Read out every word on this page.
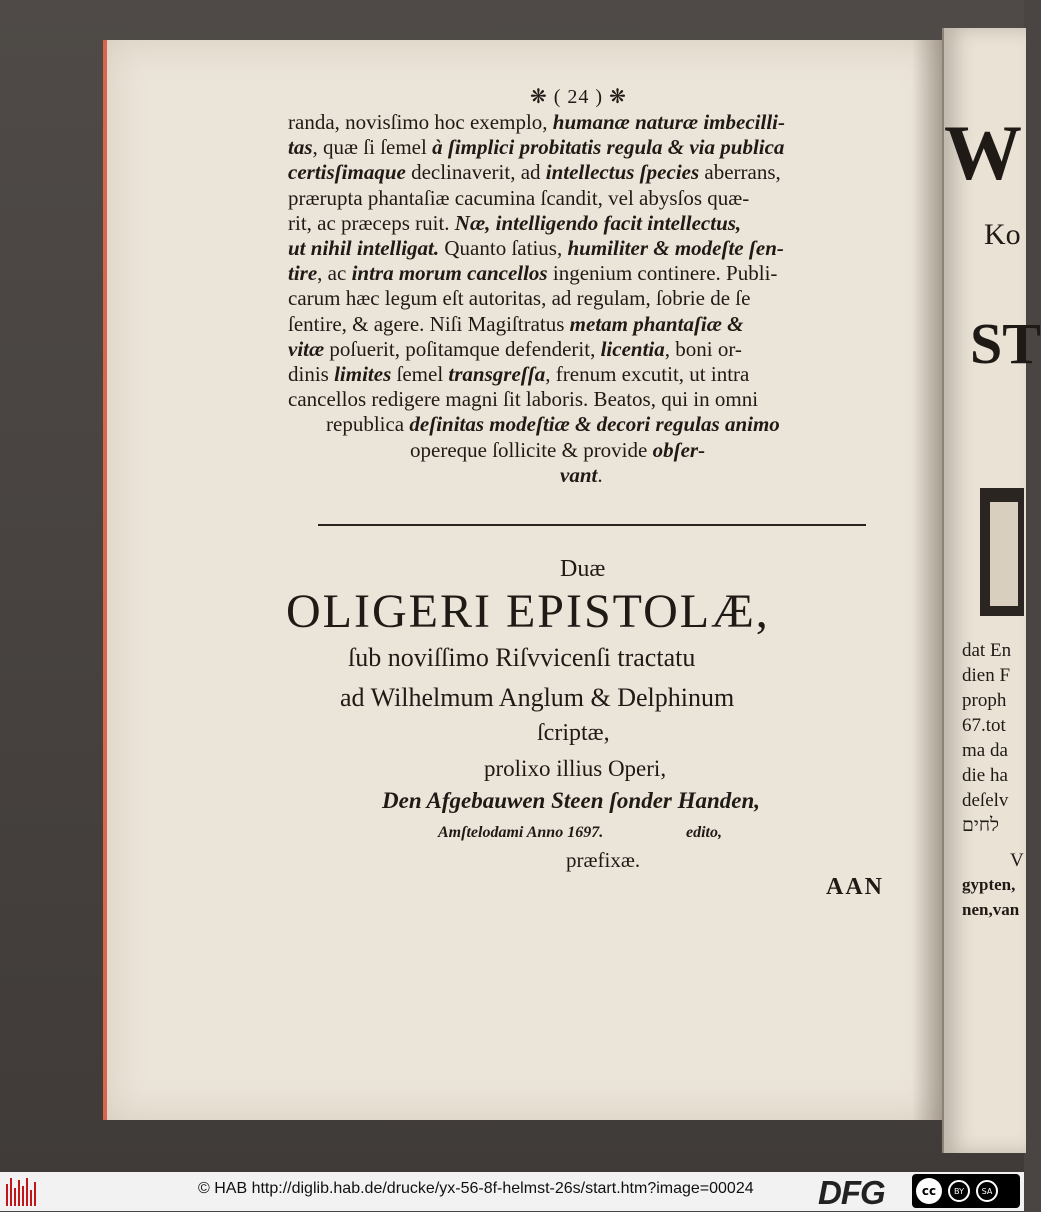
❋ ( 24 ) ❋
randa, novisſimo hoc exemplo, humanæ naturæ imbecilli-
tas, quæ ſi ſemel à ſimplici probitatis regula & via publica
certisſimaque declinaverit, ad intellectus ſpecies aberrans,
prærupta phantaſiæ cacumina ſcandit, vel abysſos quæ-
rit, ac præceps ruit. Næ, intelligendo facit intellectus,
ut nihil intelligat. Quanto ſatius, humiliter & modeſte ſen-
tire, ac intra morum cancellos ingenium continere. Publi-
carum hæc legum eſt autoritas, ad regulam, ſobrie de ſe
ſentire, & agere. Niſi Magiſtratus metam phantaſiæ &
vitæ poſuerit, poſitamque defenderit, licentia, boni or-
dinis limites ſemel transgreſſa, frenum excutit, ut intra
cancellos redigere magni ſit laboris. Beatos, qui in omni
republica deſinitas modeſtiæ & decori regulas animo
opereque ſollicite & provide obſer-
vant.
Duæ
OLIGERI EPISTOLÆ,
ſub noviſſimo Riſvvicenſi tractatu
ad Wilhelmum Anglum & Delphinum
ſcriptæ,
prolixo illius Operi,
Den Afgebauwen Steen ſonder Handen,
Amſtelodami Anno 1697.	edito,
præfixæ.
AAN
W
Ko
ST
dat En
dien F
proph
67.tot
ma da
die ha
deſelv
לחים
V
gypten,
nen,van
© HAB http://diglib.hab.de/drucke/yx-56-8f-helmst-26s/start.htm?image=00024 DFG	cc	BY	SA
